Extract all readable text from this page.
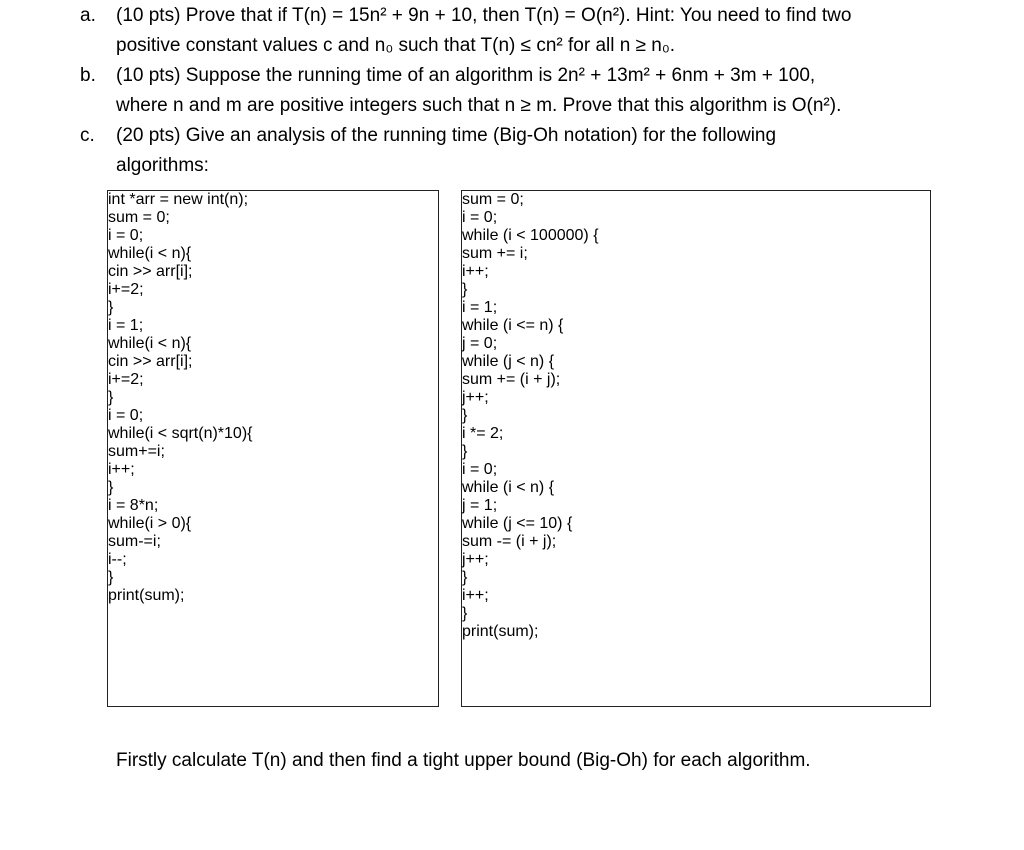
a.	(10 pts) Prove that if T(n) = 15n² + 9n + 10, then T(n) = O(n²). Hint: You need to find two
positive constant values c and n₀ such that T(n) ≤ cn² for all n ≥ n₀.
b.	(10 pts) Suppose the running time of an algorithm is 2n² + 13m² + 6nm + 3m + 100,
where n and m are positive integers such that n ≥ m. Prove that this algorithm is O(n²).
c.	(20 pts) Give an analysis of the running time (Big-Oh notation) for the following
algorithms:
int *arr = new int(n);
sum = 0;
i = 0;
while(i < n){
cin >> arr[i];
i+=2;
}
i = 1;
while(i < n){
cin >> arr[i];
i+=2;
}
i = 0;
while(i < sqrt(n)*10){
sum+=i;
i++;
}
i = 8*n;
while(i > 0){
sum-=i;
i--;
}
print(sum);
sum = 0;
i = 0;
while (i < 100000) {
sum += i;
i++;
}
i = 1;
while (i <= n) {
j = 0;
while (j < n) {
sum += (i + j);
j++;
}
i *= 2;
}
i = 0;
while (i < n) {
j = 1;
while (j <= 10) {
sum -= (i + j);
j++;
}
i++;
}
print(sum);
Firstly calculate T(n) and then find a tight upper bound (Big-Oh) for each algorithm.
